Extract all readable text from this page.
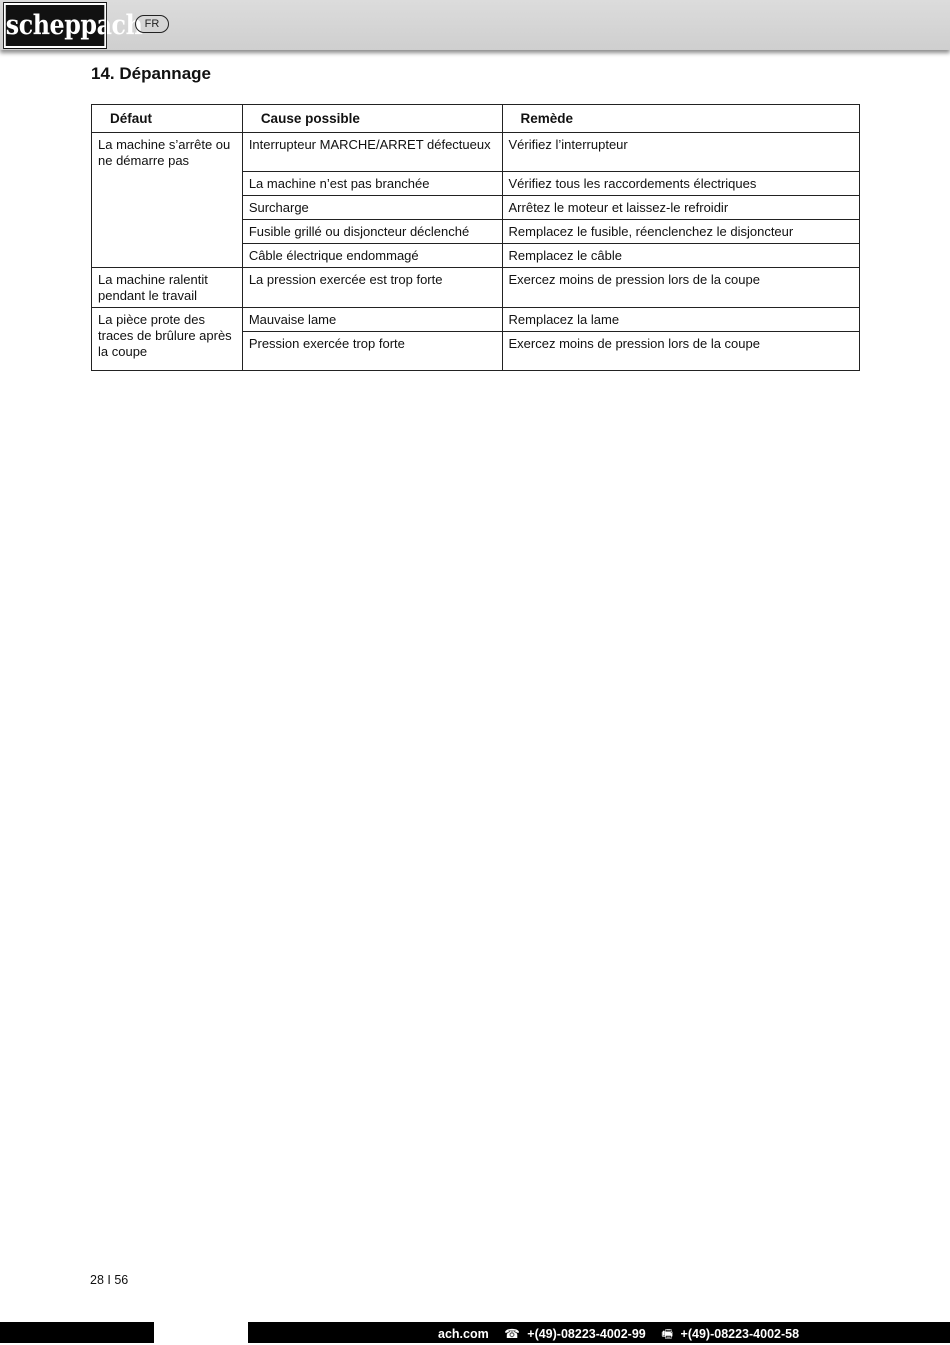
scheppach FR
14. Dépannage
Défaut	Cause possible	Remède
La machine s’arrête ou ne démarre pas	Interrupteur MARCHE/ARRET défectueux	Vérifiez l’interrupteur
	La machine n’est pas branchée	Vérifiez tous les raccordements électriques
	Surcharge	Arrêtez le moteur et laissez-le refroidir
	Fusible grillé ou disjoncteur déclenché	Remplacez le fusible, réenclenchez le disjoncteur
	Câble électrique endommagé	Remplacez le câble
La machine ralentit pendant le travail	La pression exercée est trop forte	Exercez moins de pression lors de la coupe
La pièce prote des traces de brûlure après la coupe	Mauvaise lame	Remplacez la lame
	Pression exercée trop forte	Exercez moins de pression lors de la coupe
28 I 56
ach.com ☎ +(49)-08223-4002-99 🖷 +(49)-08223-4002-58
